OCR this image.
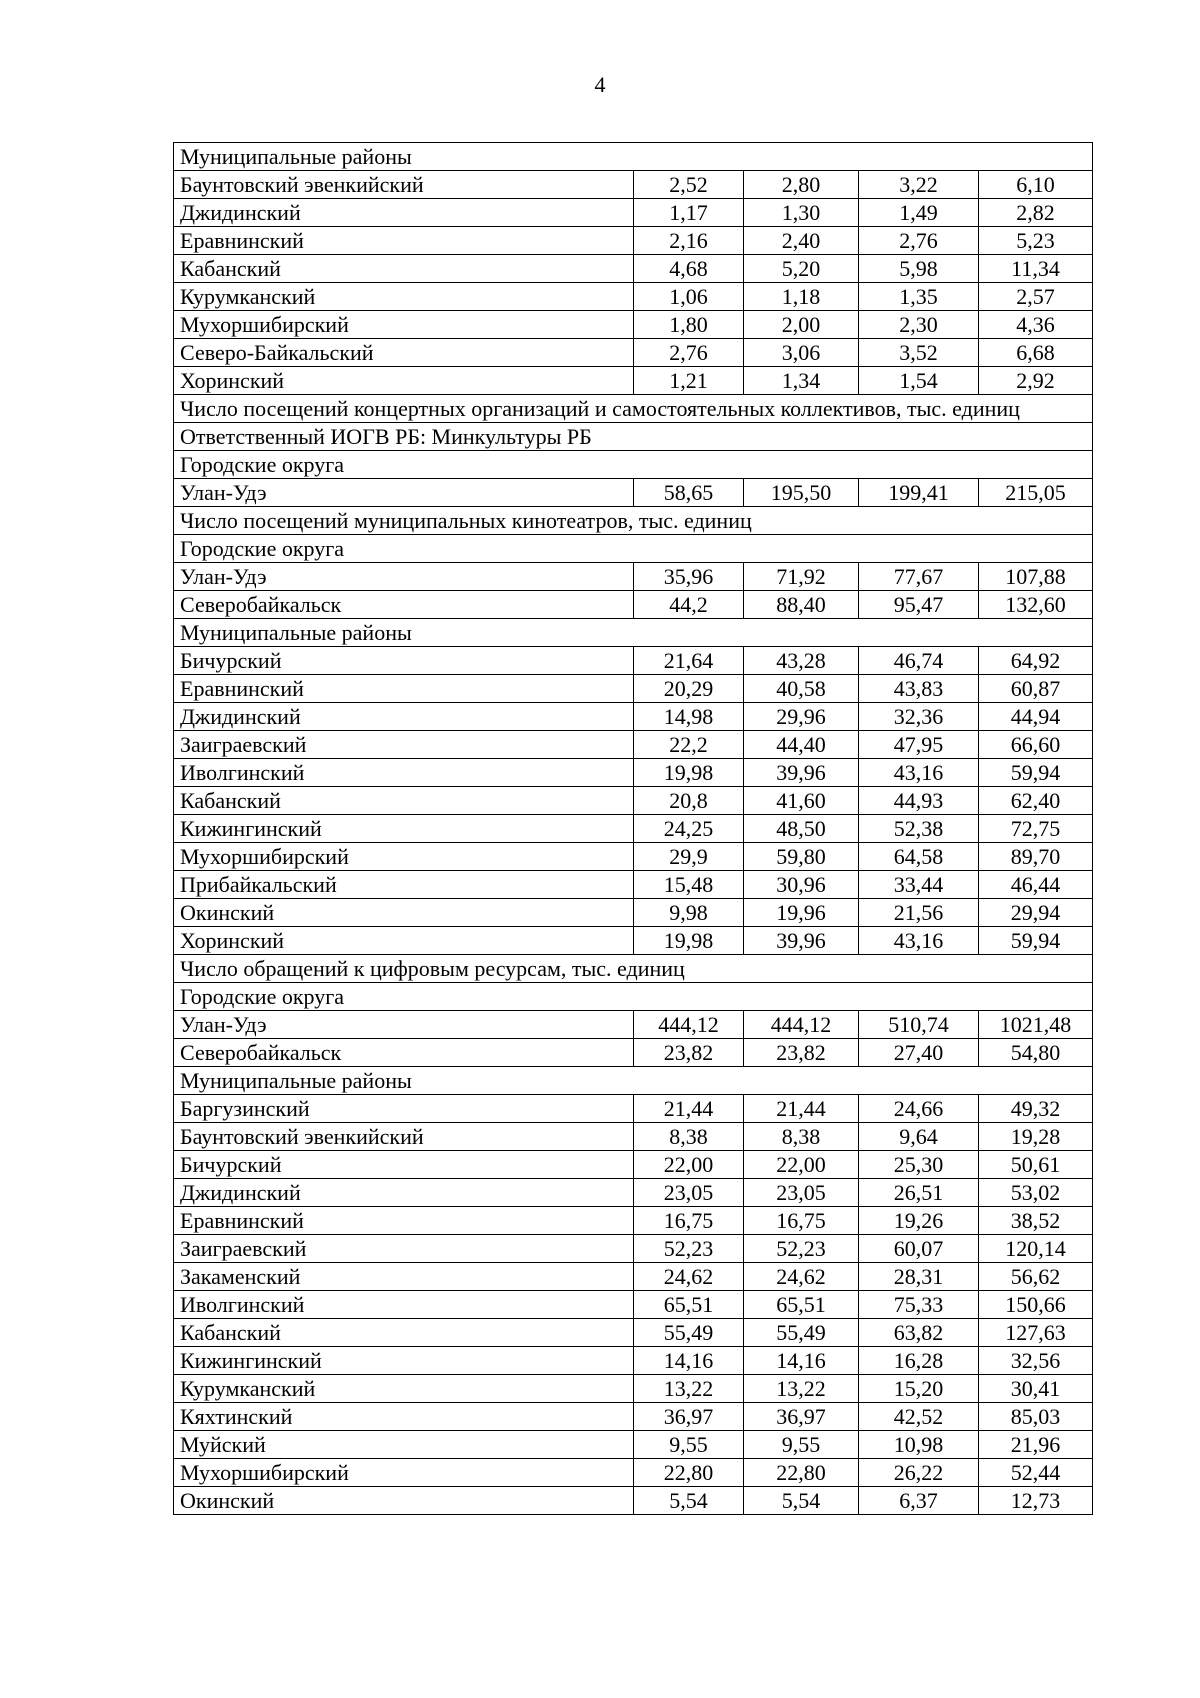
4
Муниципальные районы				
Баунтовский эвенкийский	2,52	2,80	3,22	6,10
Джидинский	1,17	1,30	1,49	2,82
Еравнинский	2,16	2,40	2,76	5,23
Кабанский	4,68	5,20	5,98	11,34
Курумканский	1,06	1,18	1,35	2,57
Мухоршибирский	1,80	2,00	2,30	4,36
Северо-Байкальский	2,76	3,06	3,52	6,68
Хоринский	1,21	1,34	1,54	2,92
Число посещений концертных организаций и самостоятельных коллективов, тыс. единиц				
Ответственный ИОГВ РБ: Минкультуры РБ				
Городские округа				
Улан-Удэ	58,65	195,50	199,41	215,05
Число посещений муниципальных кинотеатров, тыс. единиц				
Городские округа				
Улан-Удэ	35,96	71,92	77,67	107,88
Северобайкальск	44,2	88,40	95,47	132,60
Муниципальные районы				
Бичурский	21,64	43,28	46,74	64,92
Еравнинский	20,29	40,58	43,83	60,87
Джидинский	14,98	29,96	32,36	44,94
Заиграевский	22,2	44,40	47,95	66,60
Иволгинский	19,98	39,96	43,16	59,94
Кабанский	20,8	41,60	44,93	62,40
Кижингинский	24,25	48,50	52,38	72,75
Мухоршибирский	29,9	59,80	64,58	89,70
Прибайкальский	15,48	30,96	33,44	46,44
Окинский	9,98	19,96	21,56	29,94
Хоринский	19,98	39,96	43,16	59,94
Число обращений к цифровым ресурсам, тыс. единиц				
Городские округа				
Улан-Удэ	444,12	444,12	510,74	1021,48
Северобайкальск	23,82	23,82	27,40	54,80
Муниципальные районы				
Баргузинский	21,44	21,44	24,66	49,32
Баунтовский эвенкийский	8,38	8,38	9,64	19,28
Бичурский	22,00	22,00	25,30	50,61
Джидинский	23,05	23,05	26,51	53,02
Еравнинский	16,75	16,75	19,26	38,52
Заиграевский	52,23	52,23	60,07	120,14
Закаменский	24,62	24,62	28,31	56,62
Иволгинский	65,51	65,51	75,33	150,66
Кабанский	55,49	55,49	63,82	127,63
Кижингинский	14,16	14,16	16,28	32,56
Курумканский	13,22	13,22	15,20	30,41
Кяхтинский	36,97	36,97	42,52	85,03
Муйский	9,55	9,55	10,98	21,96
Мухоршибирский	22,80	22,80	26,22	52,44
Окинский	5,54	5,54	6,37	12,73
